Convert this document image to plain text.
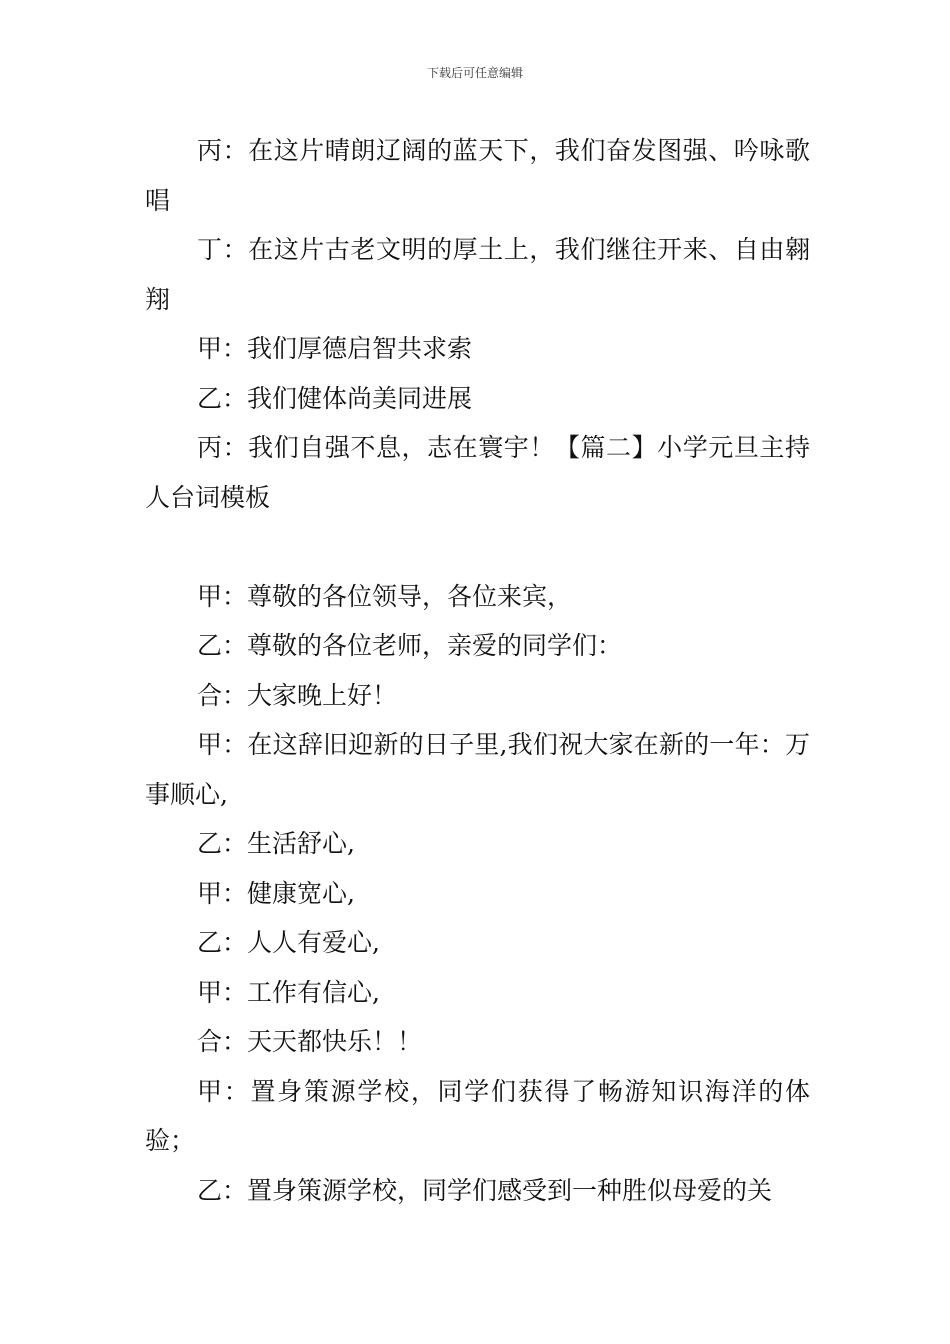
下载后可任意编辑

丙：在这片晴朗辽阔的蓝天下，我们奋发图强、吟咏歌唱

丁：在这片古老文明的厚土上，我们继往开来、自由翱翔

甲：我们厚德启智共求索

乙：我们健体尚美同进展

丙：我们自强不息，志在寰宇！【篇二】小学元旦主持人台词模板

甲：尊敬的各位领导，各位来宾，

乙：尊敬的各位老师，亲爱的同学们：

合：大家晚上好！

甲：在这辞旧迎新的日子里,我们祝大家在新的一年：万事顺心,

乙：生活舒心,

甲：健康宽心,

乙：人人有爱心,

甲：工作有信心,

合：天天都快乐！！

甲：置身策源学校，同学们获得了畅游知识海洋的体验；

乙：置身策源学校，同学们感受到一种胜似母爱的关
